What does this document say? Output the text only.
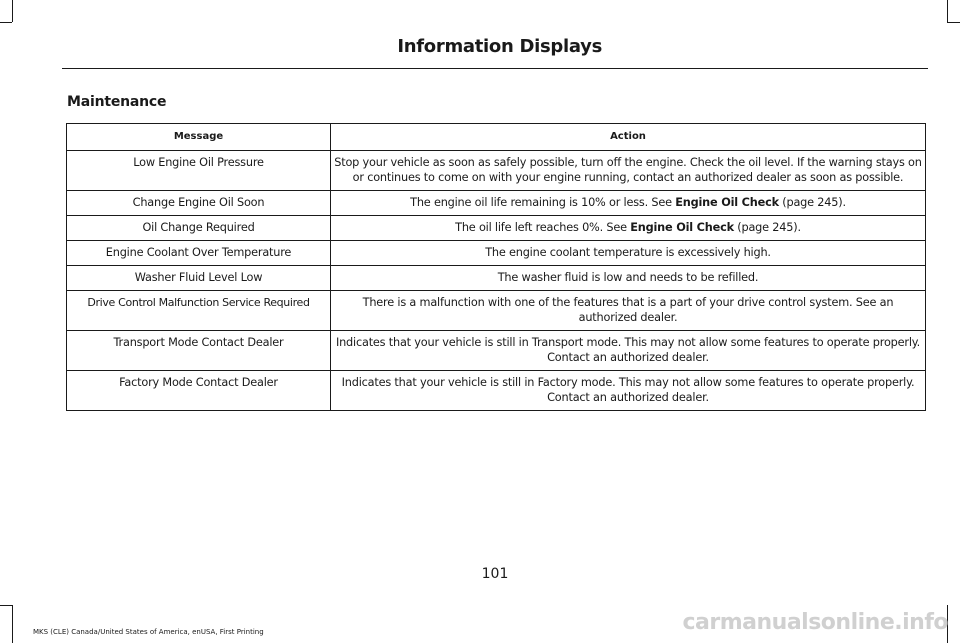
Information Displays
Maintenance
Message	Action
Low Engine Oil Pressure	Stop your vehicle as soon as safely possible, turn off the engine. Check the oil level. If the warning stays on or continues to come on with your engine running, contact an authorized dealer as soon as possible.
Change Engine Oil Soon	The engine oil life remaining is 10% or less. See Engine Oil Check (page 245).
Oil Change Required	The oil life left reaches 0%. See Engine Oil Check (page 245).
Engine Coolant Over Temperature	The engine coolant temperature is excessively high.
Washer Fluid Level Low	The washer fluid is low and needs to be refilled.
Drive Control Malfunction Service Required	There is a malfunction with one of the features that is a part of your drive control system. See an authorized dealer.
Transport Mode Contact Dealer	Indicates that your vehicle is still in Transport mode. This may not allow some features to operate properly. Contact an authorized dealer.
Factory Mode Contact Dealer	Indicates that your vehicle is still in Factory mode. This may not allow some features to operate properly. Contact an authorized dealer.
101
MKS (CLE) Canada/United States of America, enUSA, First Printing	carmanualsonline.info
